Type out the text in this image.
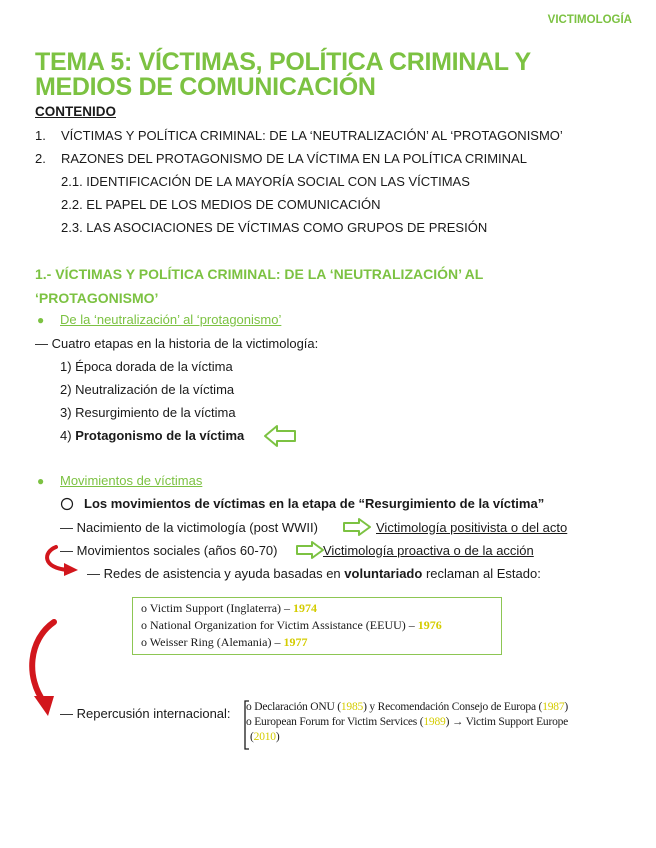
VICTIMOLOGÍA
TEMA 5: VÍCTIMAS, POLÍTICA CRIMINAL Y
MEDIOS DE COMUNICACIÓN
CONTENIDO
1. VÍCTIMAS Y POLÍTICA CRIMINAL: DE LA ‘NEUTRALIZACIÓN’ AL ‘PROTAGONISMO’
2. RAZONES DEL PROTAGONISMO DE LA VÍCTIMA EN LA POLÍTICA CRIMINAL
2.1. IDENTIFICACIÓN DE LA MAYORÍA SOCIAL CON LAS VÍCTIMAS
2.2. EL PAPEL DE LOS MEDIOS DE COMUNICACIÓN
2.3. LAS ASOCIACIONES DE VÍCTIMAS COMO GRUPOS DE PRESIÓN
1.- VÍCTIMAS Y POLÍTICA CRIMINAL: DE LA ‘NEUTRALIZACIÓN’ AL ‘PROTAGONISMO’
● De la ‘neutralización’ al ‘protagonismo’
— Cuatro etapas en la historia de la victimología:
1) Época dorada de la víctima
2) Neutralización de la víctima
3) Resurgimiento de la víctima
4) Protagonismo de la víctima
● Movimientos de víctimas
Los movimientos de víctimas en la etapa de “Resurgimiento de la víctima”
— Nacimiento de la victimología (post WWII)	Victimología positivista o del acto
— Movimientos sociales (años 60-70)	Victimología proactiva o de la acción
— Redes de asistencia y ayuda basadas en voluntariado reclaman al Estado:
o Victim Support (Inglaterra) – 1974
o National Organization for Victim Assistance (EEUU) – 1976
o Weisser Ring (Alemania) – 1977
— Repercusión internacional: o Declaración ONU (1985) y Recomendación Consejo de Europa (1987)
o European Forum for Victim Services (1989) → Victim Support Europe
(2010)
